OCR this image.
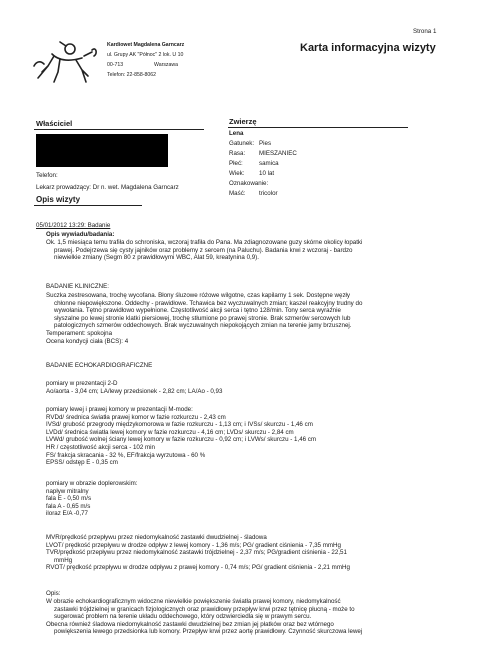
Strona 1
Karta informacyjna wizyty
Kardiowet Magdalena Garncarz
ul. Grupy AK "Północ" 2 lok. U 10
00-713	Warszawa
Telefon: 22-858-8062
Właściciel	Zwierzę
Lena
Gatunek: Pies
Rasa: MIESZANIEC
Płeć:	samica
Wiek: 10 lat
Oznakowanie:
Maść: tricolor
Telefon:
Lekarz prowadzący: Dr n. wet. Magdalena Garncarz
Opis wizyty
05/01/2012 13:29: Badanie
Opis wywiadu/badania:
Ok. 1,5 miesiąca temu trafiła do schroniska, wczoraj trafiła do Pana. Ma zdiagnozowane guzy skórne okolicy łopatki
prawej. Podejrzewa się cysty jajników oraz problemy z sercem (na Paluchu). Badania krwi z wczoraj - bardzo
niewielkie zmiany (Segm 80 z prawidłowymi WBC, Alat 59, kreatynina 0,9).
BADANIE KLINICZNE:
Suczka zestresowana, trochę wycofana. Błony śluzowe różowe wilgotne, czas kapilarny 1 sek. Dostępne węzły
chłonne niepowiększone. Oddechy - prawidłowe. Tchawica bez wyczuwalnych zmian; kaszel reakcyjny trudny do
wywołania. Tętno prawidłowo wypełnione. Częstotliwość akcji serca i tętno 128/min. Tony serca wyraźnie
słyszalne po lewej stronie klatki piersiowej, trochę stłumione po prawej stronie. Brak szmerów sercowych lub
patologicznych szmerów oddechowych. Brak wyczuwalnych niepokojących zmian na terenie jamy brzusznej.
Temperament: spokojna
Ocena kondycji ciała (BCS): 4
BADANIE ECHOKARDIOGRAFICZNE
pomiary w prezentacji 2-D
Ao/aorta - 3,04 cm; LA/lewy przedsionek - 2,82 cm; LA/Ao - 0,93
pomiary lewej i prawej komory w prezentacji M-mode:
RVDd/ średnica światła prawej komor w fazie rozkurczu - 2,43 cm
IVSd/ grubość przegrody międzykomorowa w fazie rozkurczu - 1,13 cm; i IVSs/ skurczu - 1,46 cm
LVDd/ średnica światła lewej komory w fazie rozkurczu - 4,16 cm; LVDs/ skurczu - 2,84 cm
LVWd/ grubość wolnej ściany lewej komory w fazie rozkurczu - 0,92 cm; i LVWs/ skurczu - 1,46 cm
HR / częstotliwość akcji serca - 102 min
FS/ frakcja skracania - 32 %, EF/frakcja wyrzutowa - 60 %
EPSS/ odstęp E - 0,35 cm
pomiary w obrazie doplerowskim:
napływ mitralny
fala E - 0,50 m/s
fala A - 0,65 m/s
iloraz E/A -0,77
MVR/prędkość przepływu przez niedomykalność zastawki dwudzielnej - śladowa
LVOT/ prędkość przepływu w drodze odpływ z lewej komory - 1,36 m/s; PG/ gradient ciśnienia - 7,35 mmHg
TVR/prędkość przepływu przez niedomykalność zastawki trójdzielnej - 2,37 m/s; PG/gradient ciśnienia - 22,51
mmHg
RVOT/ prędkość przepływu w drodze odpływu z prawej komory - 0,74 m/s; PG/ gradient ciśnienia - 2,21 mmHg
Opis:
W obrazie echokardiograficznym widoczne niewielkie powiększenie światła prawej komory, niedomykalność
zastawki trójdzielnej w granicach fizjologicznych oraz prawidłowy przepływ krwi przez tętnicę płucną - może to
sugerować problem na terenie układu oddechowego, który odzwierciedla się w prawym sercu.
Obecna również śladowa niedomykalność zastawki dwudzielnej bez zmian jej płatków oraz bez wtórnego
powiększenia lewego przedsionka lub komory. Przepływ krwi przez aortę prawidłowy. Czynność skurczowa lewej
